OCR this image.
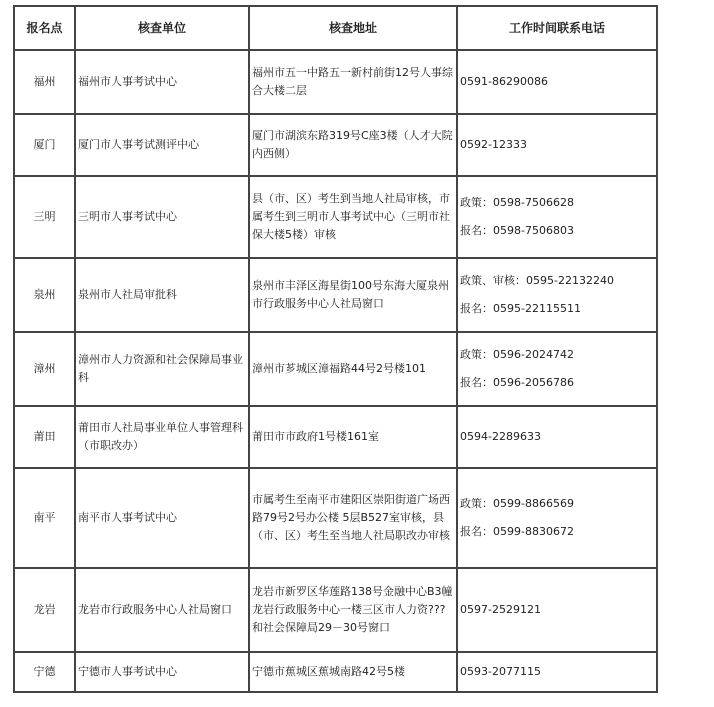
报名点	核查单位	核查地址	工作时间联系电话
福州	福州市人事考试中心	福州市五一中路五一新村前街12号人事综合大楼二层	0591-86290086

厦门	厦门市人事考试测评中心	厦门市湖滨东路319号C座3楼（人才大院内西侧）	0592-12333

三明	三明市人事考试中心	县（市、区）考生到当地人社局审核，市属考生到三明市人事考试中心（三明市社保大楼5楼）审核	政策：0598-7506628
报名：0598-7506803

泉州	泉州市人社局审批科	泉州市丰泽区海星街100号东海大厦泉州市行政服务中心人社局窗口	政策、审核：0595-22132240
报名：0595-22115511

漳州	漳州市人力资源和社会保障局事业科	漳州市芗城区漳福路44号2号楼101	政策：0596-2024742
报名：0596-2056786

莆田	莆田市人社局事业单位人事管理科（市职改办）	莆田市市政府1号楼161室	0594-2289633

南平	南平市人事考试中心	市属考生至南平市建阳区崇阳街道广场西路79号2号办公楼 5层B527室审核，县（市、区）考生至当地人社局职改办审核	政策：0599-8866569
报名：0599-8830672

龙岩	龙岩市行政服务中心人社局窗口	龙岩市新罗区华莲路138号金融中心B3幢龙岩行政服务中心一楼三区市人力资???和社会保障局29－30号窗口	0597-2529121

宁德	宁德市人事考试中心	宁德市蕉城区蕉城南路42号5楼	0593-2077115
